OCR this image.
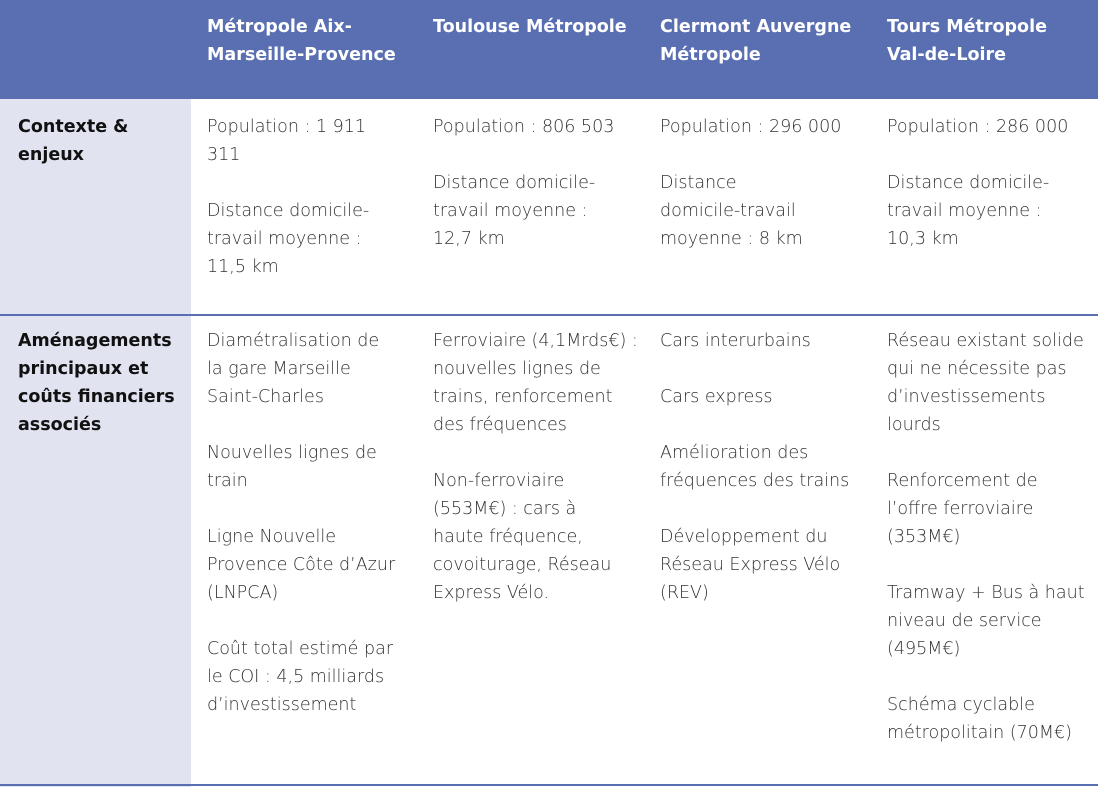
Métropole Aix-Marseille-Provence
Toulouse Métropole	Clermont Auvergne Métropole
Tours Métropole Val-de-Loire
Contexte & enjeux

Population : 1 911 311

Distance domicile-travail moyenne : 11,5 km

Population : 806 503

Distance domicile-travail moyenne : 12,7 km

Population : 296 000

Distance domicile-travail moyenne : 8 km

Population : 286 000

Distance domicile-travail moyenne : 10,3 km

Aménagements principaux et coûts financiers associés

Diamétralisation de la gare Marseille Saint-Charles

Nouvelles lignes de train

Ligne Nouvelle Provence Côte d’Azur (LNPCA)

Coût total estimé par le COI : 4,5 milliards d’investissement

Ferroviaire (4,1Mrds€) : nouvelles lignes de trains, renforcement des fréquences

Non-ferroviaire (553M€) : cars à haute fréquence, covoiturage, Réseau Express Vélo.

Cars interurbains

Cars express

Amélioration des fréquences des trains

Développement du Réseau Express Vélo (REV)

Réseau existant solide qui ne nécessite pas d’investissements lourds

Renforcement de l’offre ferroviaire (353M€)

Tramway + Bus à haut niveau de service (495M€)

Schéma cyclable métropolitain (70M€)
